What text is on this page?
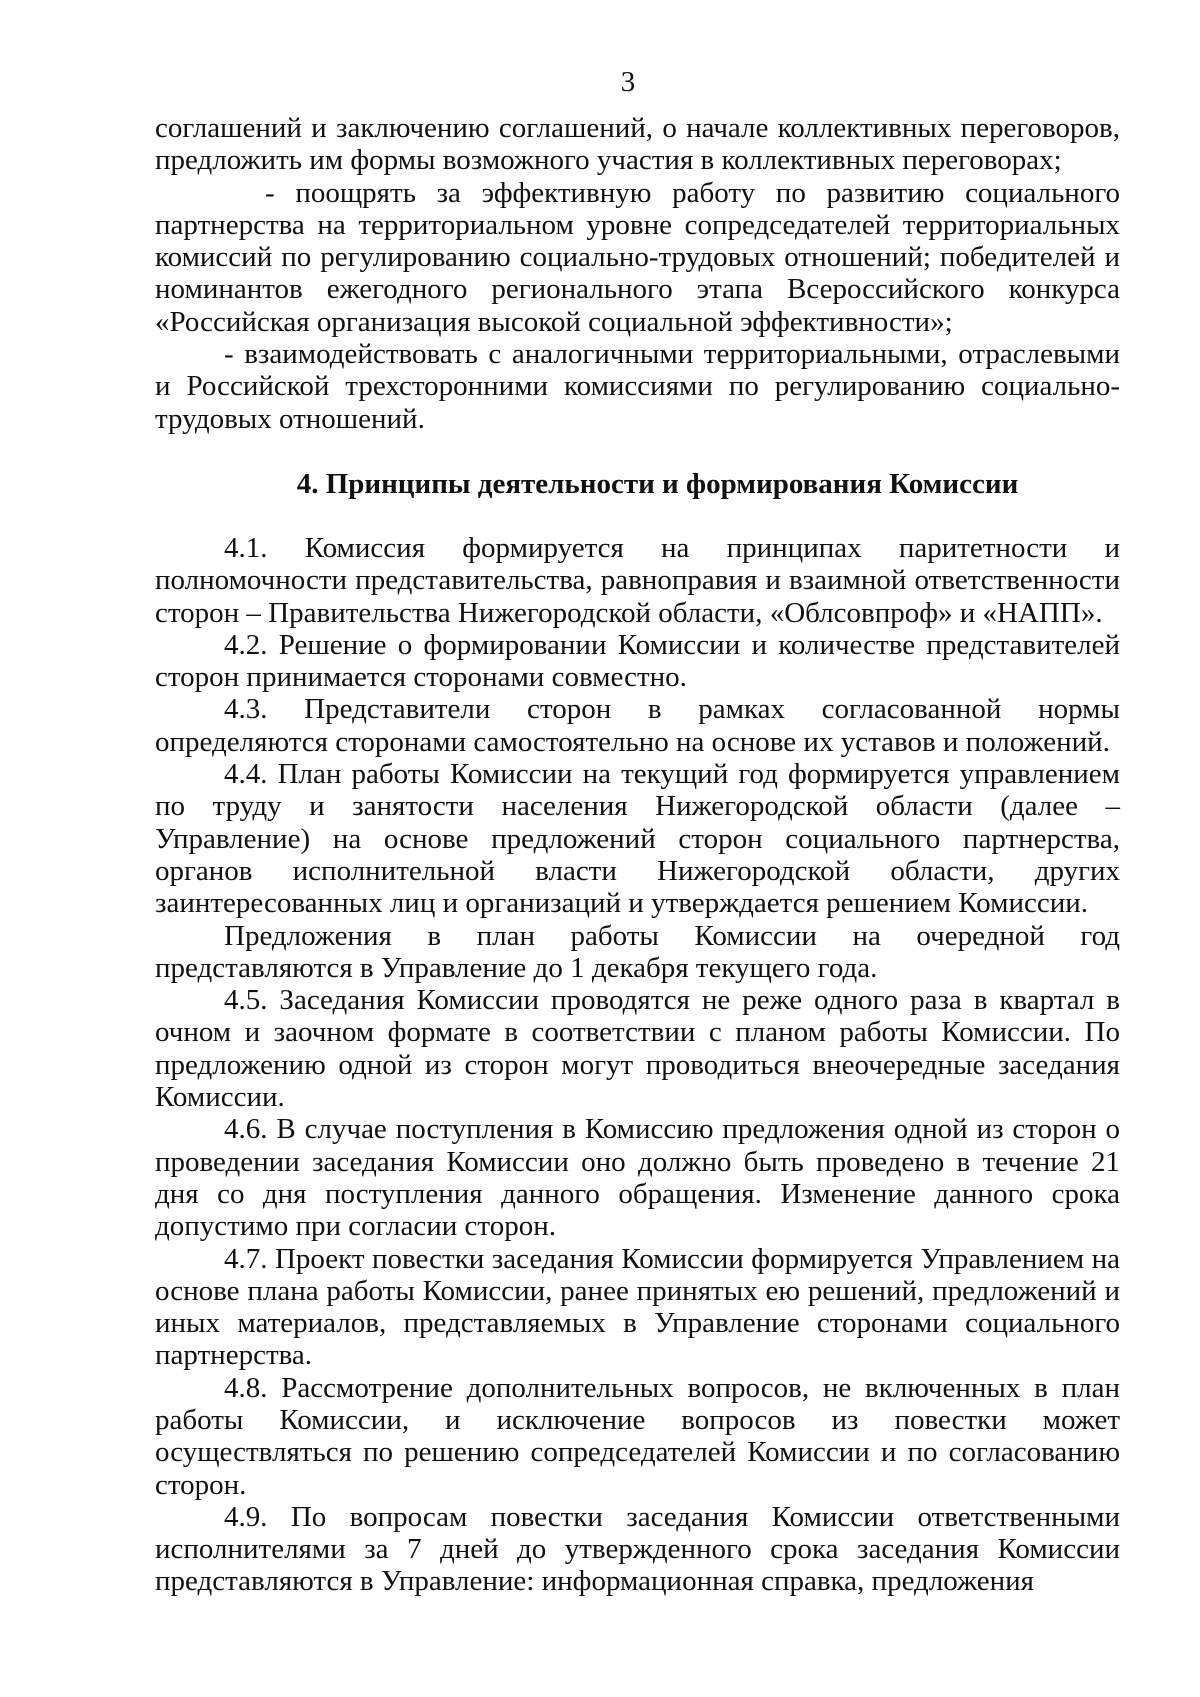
3

соглашений и заключению соглашений, о начале коллективных переговоров, предложить им формы возможного участия в коллективных переговорах;

- поощрять за эффективную работу по развитию социального партнерства на территориальном уровне сопредседателей территориальных комиссий по регулированию социально-трудовых отношений; победителей и номинантов ежегодного регионального этапа Всероссийского конкурса «Российская организация высокой социальной эффективности»;

- взаимодействовать с аналогичными территориальными, отраслевыми и Российской трехсторонними комиссиями по регулированию социально-трудовых отношений.

4. Принципы деятельности и формирования Комиссии

4.1. Комиссия формируется на принципах паритетности и полномочности представительства, равноправия и взаимной ответственности сторон – Правительства Нижегородской области, «Облсовпроф» и «НАПП».

4.2. Решение о формировании Комиссии и количестве представителей сторон принимается сторонами совместно.

4.3. Представители сторон в рамках согласованной нормы определяются сторонами самостоятельно на основе их уставов и положений.

4.4. План работы Комиссии на текущий год формируется управлением по труду и занятости населения Нижегородской области (далее – Управление) на основе предложений сторон социального партнерства, органов исполнительной власти Нижегородской области, других заинтересованных лиц и организаций и утверждается решением Комиссии.

Предложения в план работы Комиссии на очередной год представляются в Управление до 1 декабря текущего года.

4.5. Заседания Комиссии проводятся не реже одного раза в квартал в очном и заочном формате в соответствии с планом работы Комиссии. По предложению одной из сторон могут проводиться внеочередные заседания Комиссии.

4.6. В случае поступления в Комиссию предложения одной из сторон о проведении заседания Комиссии оно должно быть проведено в течение 21 дня со дня поступления данного обращения. Изменение данного срока допустимо при согласии сторон.

4.7. Проект повестки заседания Комиссии формируется Управлением на основе плана работы Комиссии, ранее принятых ею решений, предложений и иных материалов, представляемых в Управление сторонами социального партнерства.

4.8. Рассмотрение дополнительных вопросов, не включенных в план работы Комиссии, и исключение вопросов из повестки может осуществляться по решению сопредседателей Комиссии и по согласованию сторон.

4.9. По вопросам повестки заседания Комиссии ответственными исполнителями за 7 дней до утвержденного срока заседания Комиссии представляются в Управление: информационная справка, предложения
